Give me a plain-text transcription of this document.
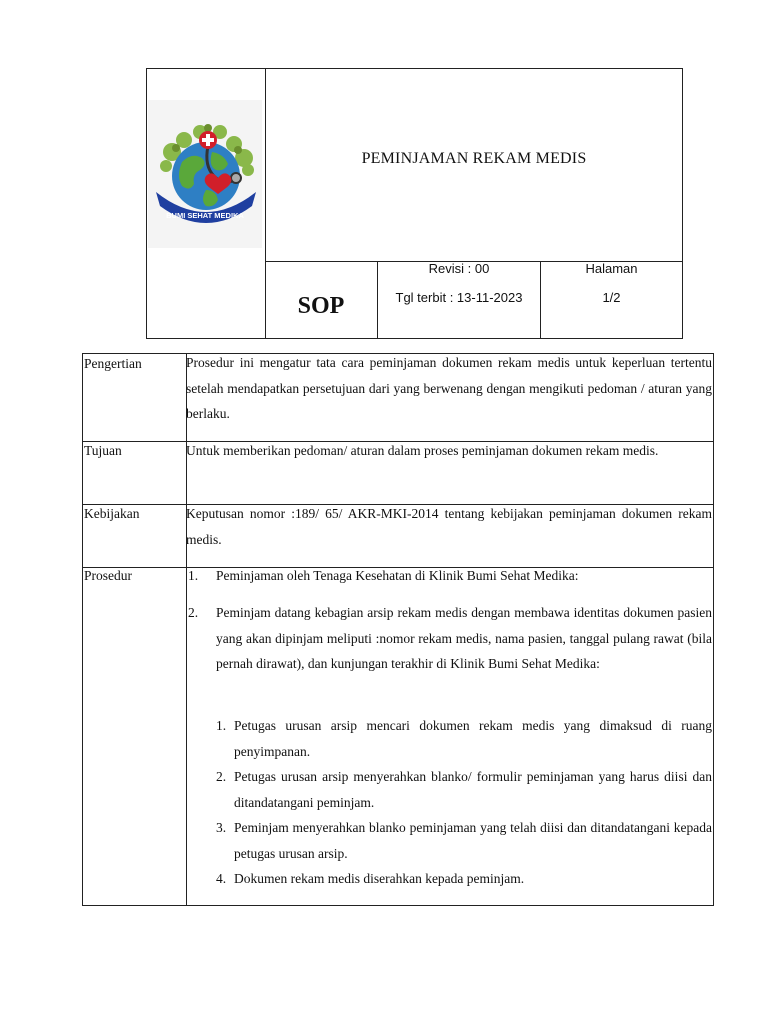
BUMI SEHAT MEDIKA
PEMINJAMAN REKAM MEDIS
SOP
Revisi : 00
Tgl terbit : 13-11-2023
Halaman
1/2
Pengertian	Prosedur ini mengatur tata cara peminjaman dokumen rekam medis untuk keperluan tertentu setelah mendapatkan persetujuan dari yang berwenang dengan mengikuti pedoman / aturan yang berlaku.
Tujuan	Untuk memberikan pedoman/ aturan dalam proses peminjaman dokumen rekam medis.
Kebijakan	Keputusan nomor :189/ 65/ AKR-MKI-2014 tentang kebijakan peminjaman dokumen rekam medis.
Prosedur	1. Peminjaman oleh Tenaga Kesehatan di Klinik Bumi Sehat Medika:
2. Peminjam datang kebagian arsip rekam medis dengan membawa identitas dokumen pasien yang akan dipinjam meliputi :nomor rekam medis, nama pasien, tanggal pulang rawat (bila pernah dirawat), dan kunjungan terakhir di Klinik Bumi Sehat Medika:
1. Petugas urusan arsip mencari dokumen rekam medis yang dimaksud di ruang penyimpanan.
2. Petugas urusan arsip menyerahkan blanko/ formulir peminjaman yang harus diisi dan ditandatangani peminjam.
3. Peminjam menyerahkan blanko peminjaman yang telah diisi dan ditandatangani kepada petugas urusan arsip.
4. Dokumen rekam medis diserahkan kepada peminjam.
